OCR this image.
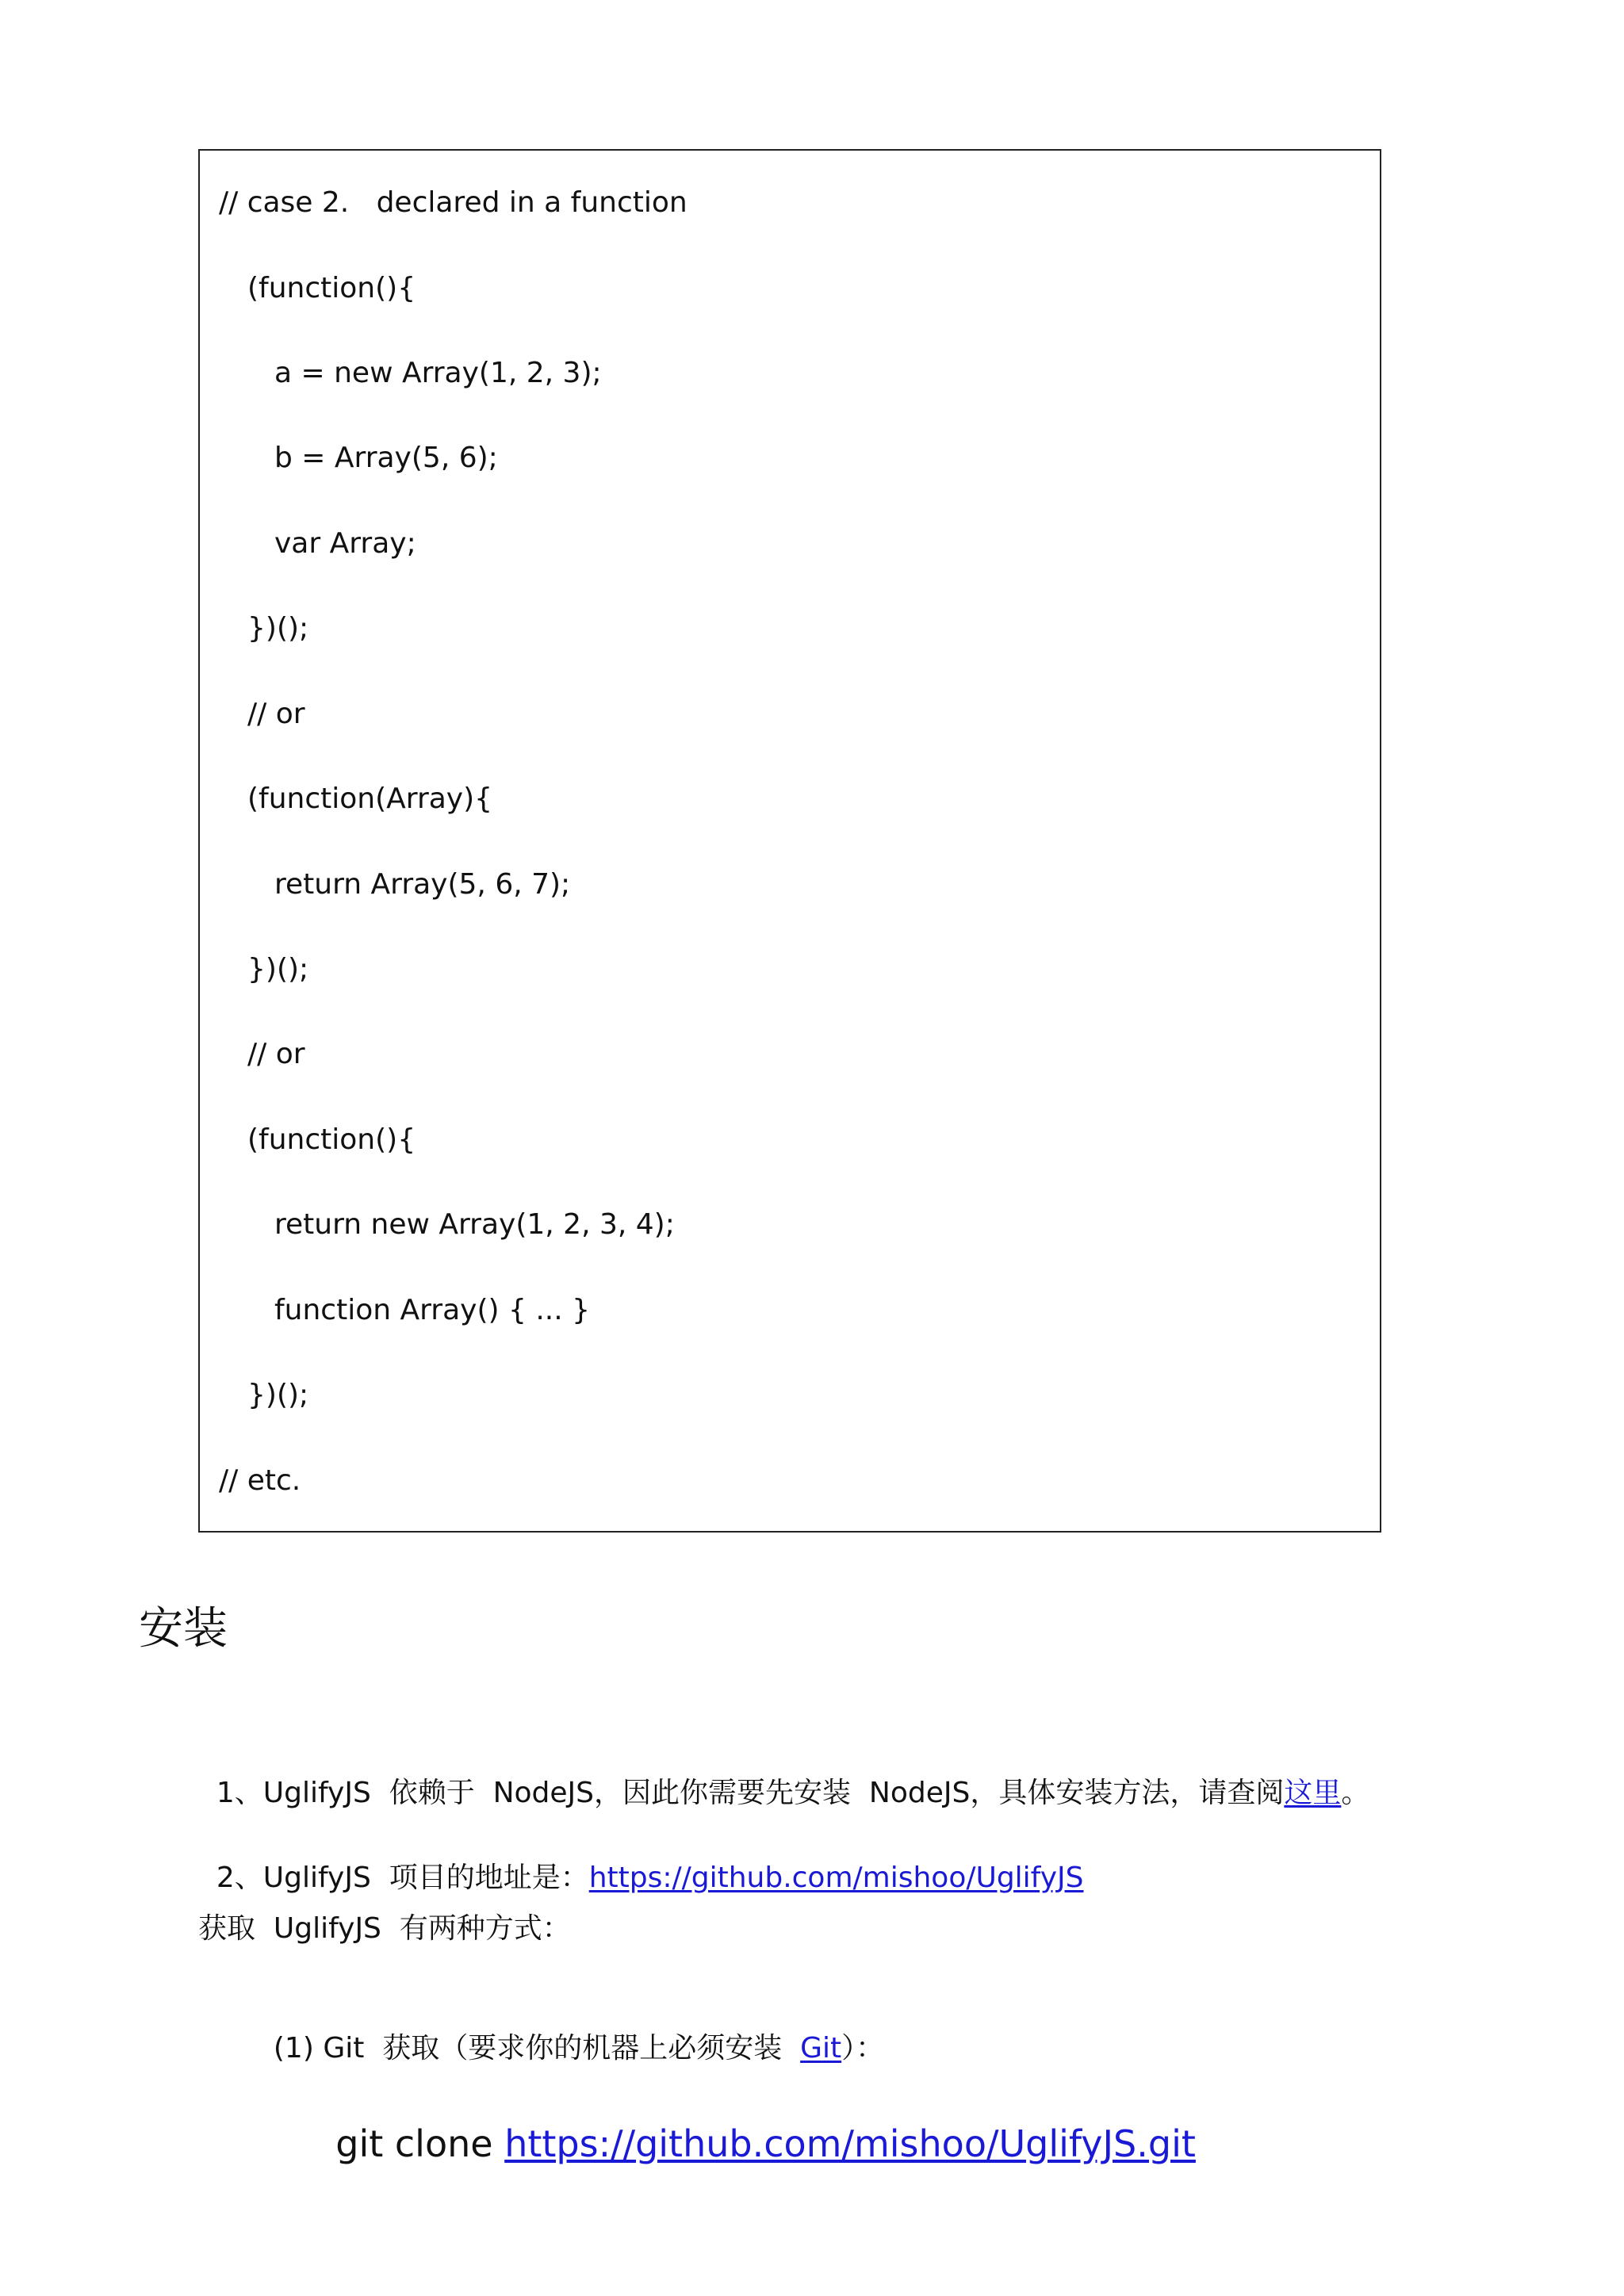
// case 2.   declared in a function
(function(){
a = new Array(1, 2, 3);
b = Array(5, 6);
var Array;
})();
// or
(function(Array){
return Array(5, 6, 7);
})();
// or
(function(){
return new Array(1, 2, 3, 4);
function Array() { ... }
})();
// etc.
安装

1、UglifyJS  依赖于  NodeJS，因此你需要先安装  NodeJS，具体安装方法，请查阅这里。

2、UglifyJS  项目的地址是：https://github.com/mishoo/UglifyJS

获取  UglifyJS  有两种方式：

(1) Git  获取（要求你的机器上必须安装  Git）：

git clone https://github.com/mishoo/UglifyJS.git
